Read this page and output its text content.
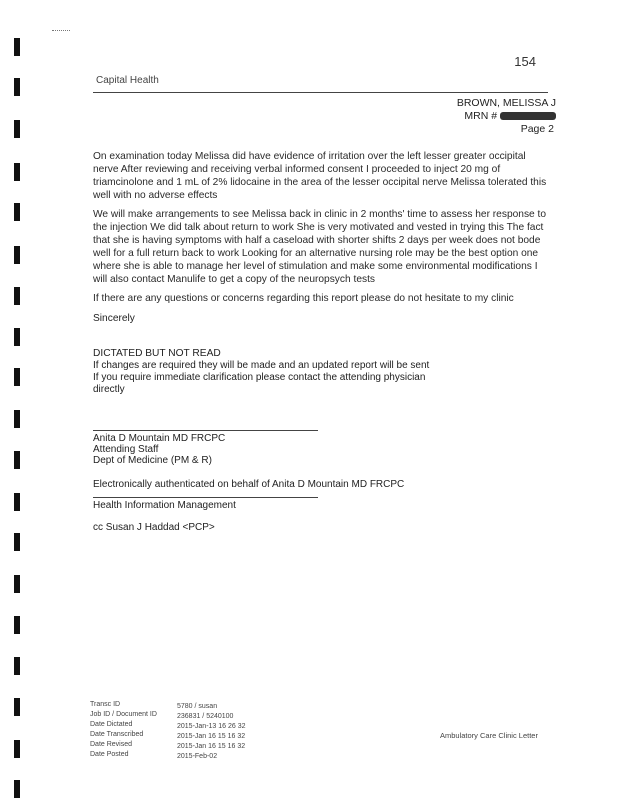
154
Capital Health
BROWN, MELISSA J
MRN #
Page 2
On examination today Melissa did have evidence of irritation over the left lesser greater occipital nerve After reviewing and receiving verbal informed consent I proceeded to inject 20 mg of triamcinolone and 1 mL of 2% lidocaine in the area of the lesser occipital nerve Melissa tolerated this well with no adverse effects
We will make arrangements to see Melissa back in clinic in 2 months' time to assess her response to the injection We did talk about return to work She is very motivated and vested in trying this The fact that she is having symptoms with half a caseload with shorter shifts 2 days per week does not bode well for a full return back to work Looking for an alternative nursing role may be the best option one where she is able to manage her level of stimulation and make some environmental modifications I will also contact Manulife to get a copy of the neuropsych tests
If there are any questions or concerns regarding this report please do not hesitate to my clinic
Sincerely
DICTATED BUT NOT READ
If changes are required they will be made and an updated report will be sent
If you require immediate clarification please contact the attending physician
directly
Anita D Mountain MD FRCPC
Attending Staff
Dept of Medicine (PM & R)
Electronically authenticated on behalf of Anita D Mountain MD FRCPC
Health Information Management
cc Susan J Haddad <PCP>
Transc ID
Job ID / Document ID
Date Dictated
Date Transcribed
Date Revised
Date Posted
5780 / susan
236831 / 5240100
2015-Jan-13 16 26 32
2015-Jan 16 15 16 32
2015-Jan 16 15 16 32
2015-Feb-02
Ambulatory Care Clinic Letter
